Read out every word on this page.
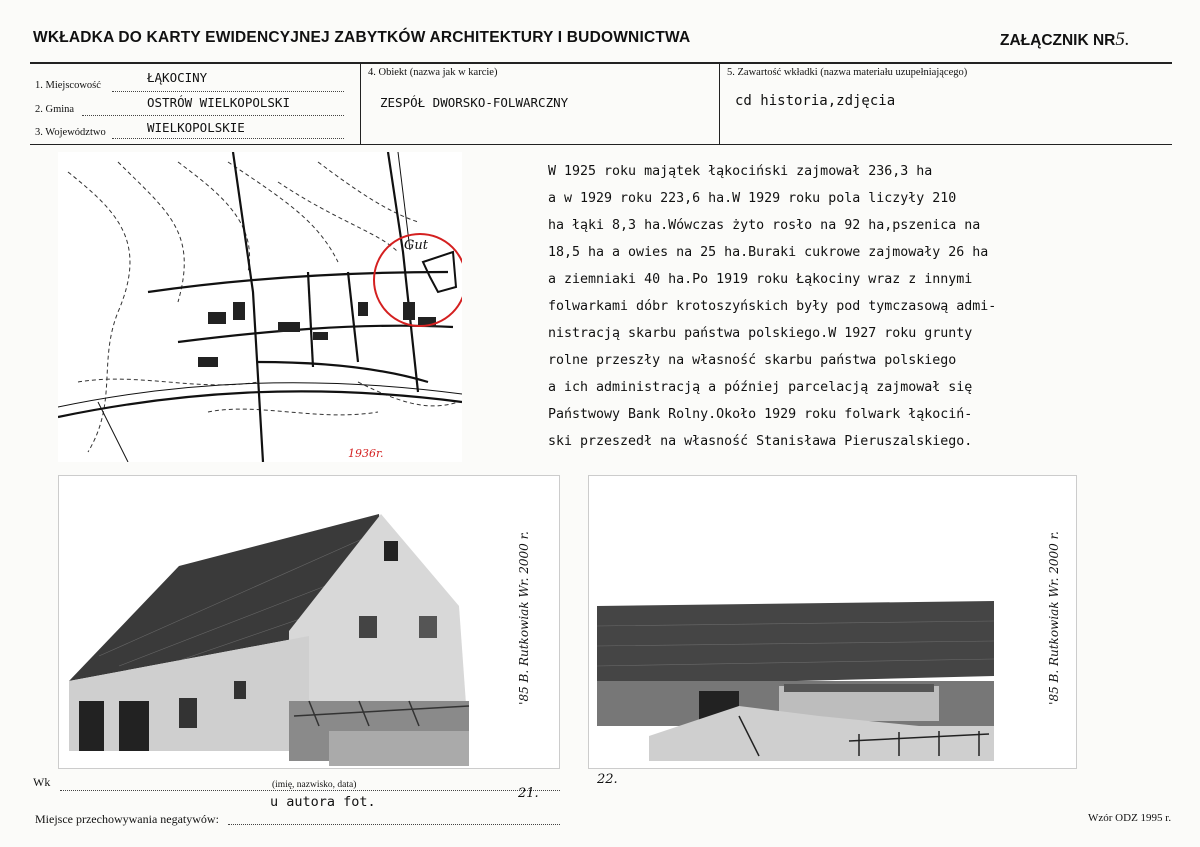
WKŁADKA DO KARTY EWIDENCYJNEJ ZABYTKÓW ARCHITEKTURY I BUDOWNICTWA	ZAŁĄCZNIK NR5.
1. Miejscowość
ŁĄKOCINY
2. Gmina	OSTRÓW WIELKOPOLSKI
3. Województwo	WIELKOPOLSKIE
4. Obiekt (nazwa jak w karcie)
ZESPÓŁ DWORSKO-FOLWARCZNY
5. Zawartość wkładki (nazwa materiału uzupełniającego)
cd historia,zdjęcia
Gut
1936r.
W 1925 roku majątek łąkociński zajmował 236,3 ha
a w 1929 roku 223,6 ha.W 1929 roku pola liczyły 210
ha łąki 8,3 ha.Wówczas żyto rosło na 92 ha,pszenica na
18,5 ha a owies na 25 ha.Buraki cukrowe zajmowały 26 ha
a ziemniaki 40 ha.Po 1919 roku Łąkociny wraz z innymi
folwarkami dóbr krotoszyńskich były pod tymczasową admi-
nistracją skarbu państwa polskiego.W 1927 roku grunty
rolne przeszły na własność skarbu państwa polskiego
a ich administracją a później parcelacją zajmował się
Państwowy Bank Rolny.Około 1929 roku folwark łąkociń-
ski przeszedł na własność Stanisława Pieruszalskiego.
'85 B. Rutkowiak Wr. 2000 r.	'85 B. Rutkowiak Wr. 2000 r.
Wk	(imię, nazwisko, data)
21.
22.
u autora fot.
Miejsce przechowywania negatywów:	Wzór ODZ 1995 r.
